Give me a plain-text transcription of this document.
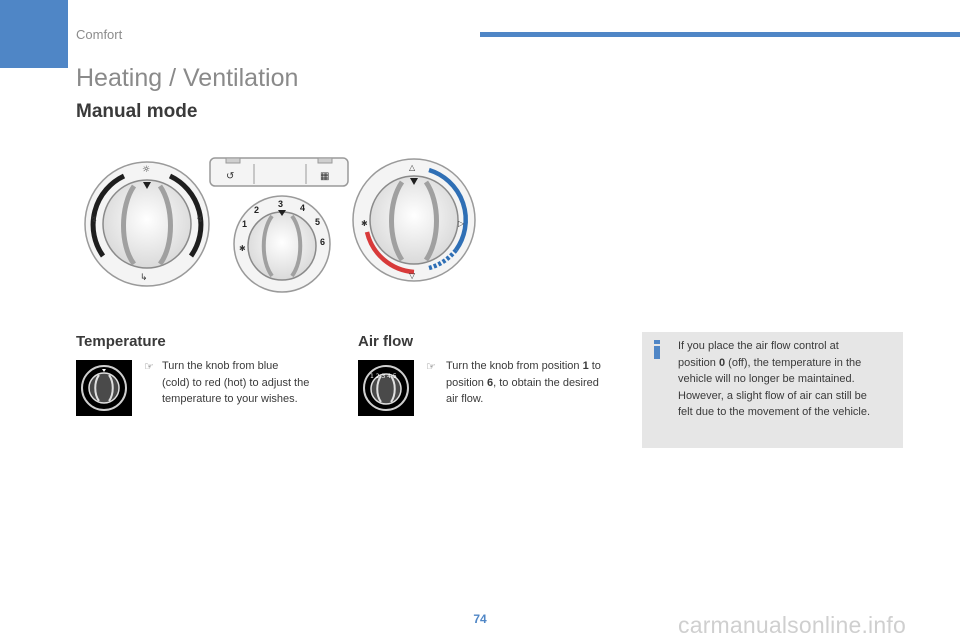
Comfort
Heating / Ventilation
Manual mode
☼
↯	↯
↳
↺	▦
✱
1
2
3 4
5
6
△
✱	▷
▽
Temperature
☞ Turn the knob from blue
(cold) to red (hot) to adjust the
temperature to your wishes.
Air flow
1 2 3 4 5
☞ Turn the knob from position 1 to
position 6, to obtain the desired
air flow.
If you place the air flow control at
position 0 (off), the temperature in the
vehicle will no longer be maintained.
However, a slight flow of air can still be
felt due to the movement of the vehicle.
74	carmanualsonline.info
